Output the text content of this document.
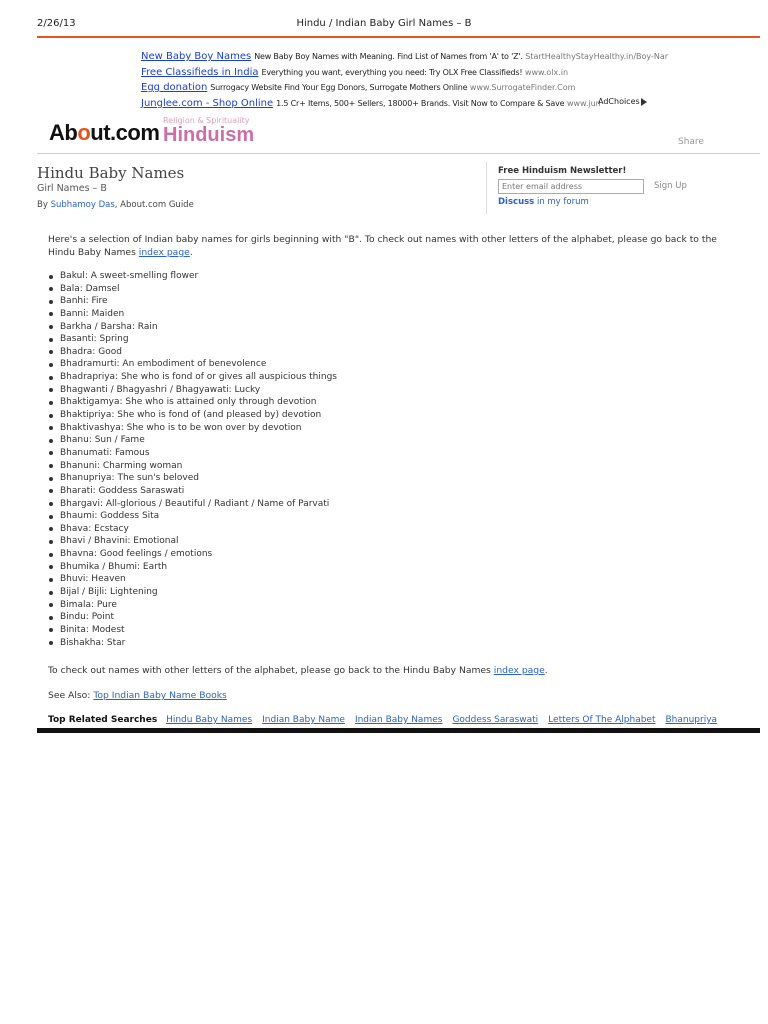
2/26/13	Hindu / Indian Baby Girl Names – B
New Baby Boy Names New Baby Boy Names with Meaning. Find List of Names from 'A' to 'Z'. StartHealthyStayHealthy.in/Boy-Nar
Free Classifieds in India Everything you want, everything you need: Try OLX Free Classifieds! www.olx.in
Egg donation Surrogacy Website Find Your Egg Donors, Surrogate Mothers Online www.SurrogateFinder.Com
Junglee.com - Shop Online 1.5 Cr+ Items, 500+ Sellers, 18000+ Brands. Visit Now to Compare & Save www.jun
AdChoices
About.com Religion & Spirituality
Hinduism	Share
Hindu Baby Names
Girl Names – B
By Subhamoy Das, About.com Guide
Free Hinduism Newsletter!
Enter email address
Sign Up
Discuss in my forum
Here's a selection of Indian baby names for girls beginning with "B". To check out names with other letters of the alphabet, please go back to the Hindu Baby Names index page.
Bakul: A sweet-smelling flower
Bala: Damsel
Banhi: Fire
Banni: Maiden
Barkha / Barsha: Rain
Basanti: Spring
Bhadra: Good
Bhadramurti: An embodiment of benevolence
Bhadrapriya: She who is fond of or gives all auspicious things
Bhagwanti / Bhagyashri / Bhagyawati: Lucky
Bhaktigamya: She who is attained only through devotion
Bhaktipriya: She who is fond of (and pleased by) devotion
Bhaktivashya: She who is to be won over by devotion
Bhanu: Sun / Fame
Bhanumati: Famous
Bhanuni: Charming woman
Bhanupriya: The sun's beloved
Bharati: Goddess Saraswati
Bhargavi: All-glorious / Beautiful / Radiant / Name of Parvati
Bhaumi: Goddess Sita
Bhava: Ecstacy
Bhavi / Bhavini: Emotional
Bhavna: Good feelings / emotions
Bhumika / Bhumi: Earth
Bhuvi: Heaven
Bijal / Bijli: Lightening
Bimala: Pure
Bindu: Point
Binita: Modest
Bishakha: Star
To check out names with other letters of the alphabet, please go back to the Hindu Baby Names index page.
See Also: Top Indian Baby Name Books
Top Related Searches Hindu Baby Names Indian Baby Name Indian Baby Names Goddess Saraswati Letters Of The Alphabet Bhanupriya
